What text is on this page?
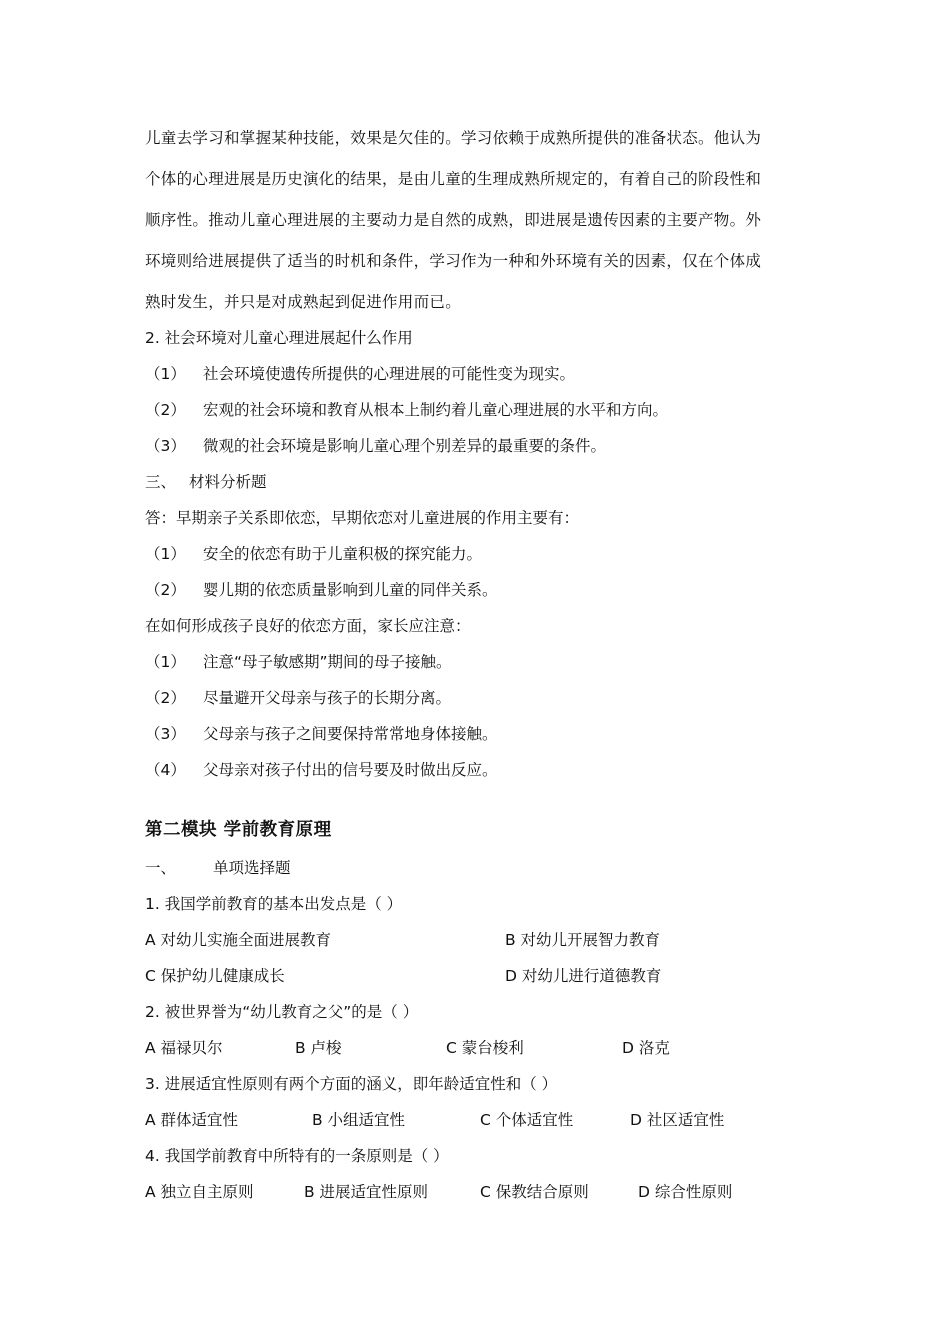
儿童去学习和掌握某种技能，效果是欠佳的。学习依赖于成熟所提供的准备状态。他认为
个体的心理进展是历史演化的结果，是由儿童的生理成熟所规定的，有着自己的阶段性和
顺序性。推动儿童心理进展的主要动力是自然的成熟，即进展是遗传因素的主要产物。外
环境则给进展提供了适当的时机和条件，学习作为一种和外环境有关的因素，仅在个体成
熟时发生，并只是对成熟起到促进作用而已。
2. 社会环境对儿童心理进展起什么作用
（1） 社会环境使遗传所提供的心理进展的可能性变为现实。
（2） 宏观的社会环境和教育从根本上制约着儿童心理进展的水平和方向。
（3） 微观的社会环境是影响儿童心理个别差异的最重要的条件。
三、 材料分析题
答：早期亲子关系即依恋，早期依恋对儿童进展的作用主要有：
（1） 安全的依恋有助于儿童积极的探究能力。
（2） 婴儿期的依恋质量影响到儿童的同伴关系。
在如何形成孩子良好的依恋方面，家长应注意：
（1） 注意“母子敏感期”期间的母子接触。
（2） 尽量避开父母亲与孩子的长期分离。
（3） 父母亲与孩子之间要保持常常地身体接触。
（4） 父母亲对孩子付出的信号要及时做出反应。
第二模块 学前教育原理
一、 单项选择题
1. 我国学前教育的基本出发点是（ ）
A 对幼儿实施全面进展教育	B 对幼儿开展智力教育
C 保护幼儿健康成长	D 对幼儿进行道德教育
2. 被世界誉为“幼儿教育之父”的是（ ）
A 福禄贝尔	B 卢梭	C 蒙台梭利	D 洛克
3. 进展适宜性原则有两个方面的涵义，即年龄适宜性和（ ）
A 群体适宜性	B 小组适宜性	C 个体适宜性	D 社区适宜性
4. 我国学前教育中所特有的一条原则是（ ）
A 独立自主原则	B 进展适宜性原则	C 保教结合原则	D 综合性原则
